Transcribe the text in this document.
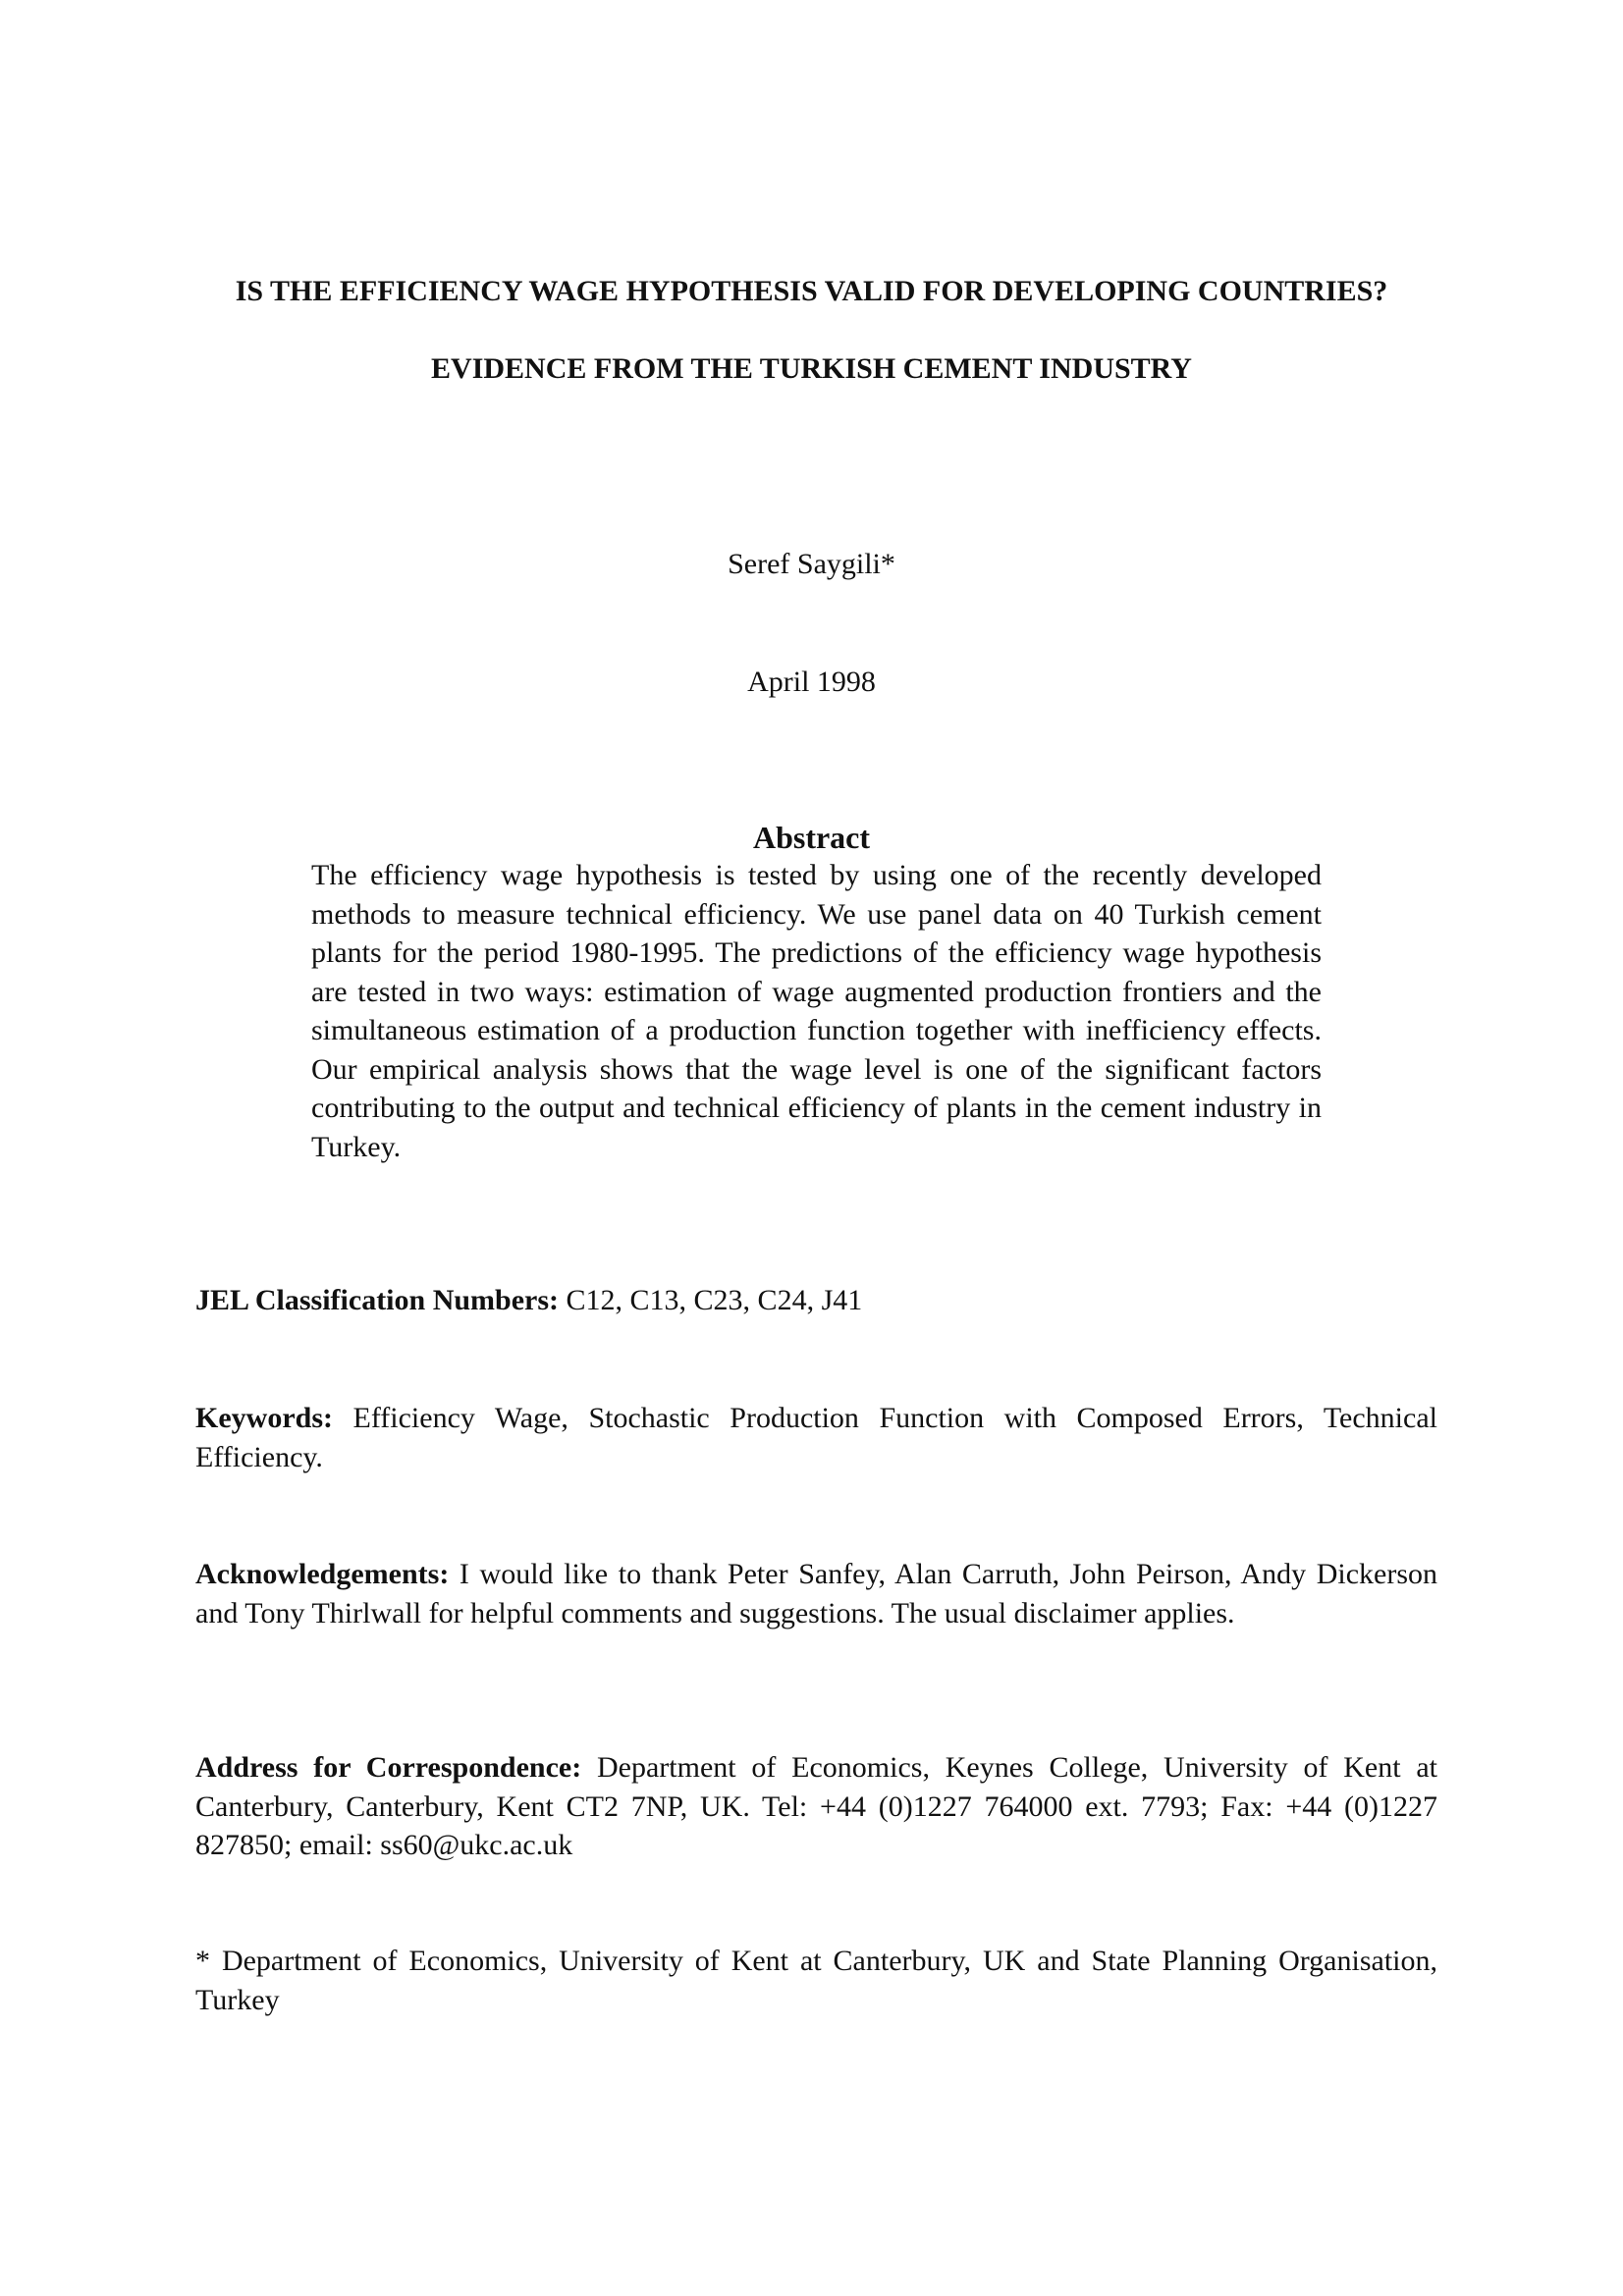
IS THE EFFICIENCY WAGE HYPOTHESIS VALID FOR DEVELOPING COUNTRIES?
EVIDENCE FROM THE TURKISH CEMENT INDUSTRY
Seref Saygili*
April 1998
Abstract
The efficiency wage hypothesis is tested by using one of the recently developed methods to measure technical efficiency. We use panel data on 40 Turkish cement plants for the period 1980-1995. The predictions of the efficiency wage hypothesis are tested in two ways: estimation of wage augmented production frontiers and the simultaneous estimation of a production function together with inefficiency effects. Our empirical analysis shows that the wage level is one of the significant factors contributing to the output and technical efficiency of plants in the cement industry in Turkey.
JEL Classification Numbers: C12, C13, C23, C24, J41
Keywords: Efficiency Wage, Stochastic Production Function with Composed Errors, Technical Efficiency.
Acknowledgements: I would like to thank Peter Sanfey, Alan Carruth, John Peirson, Andy Dickerson and Tony Thirlwall for helpful comments and suggestions. The usual disclaimer applies.
Address for Correspondence: Department of Economics, Keynes College, University of Kent at Canterbury, Canterbury, Kent CT2 7NP, UK. Tel: +44 (0)1227 764000 ext. 7793; Fax: +44 (0)1227 827850; email: ss60@ukc.ac.uk
* Department of Economics, University of Kent at Canterbury, UK and State Planning Organisation, Turkey
